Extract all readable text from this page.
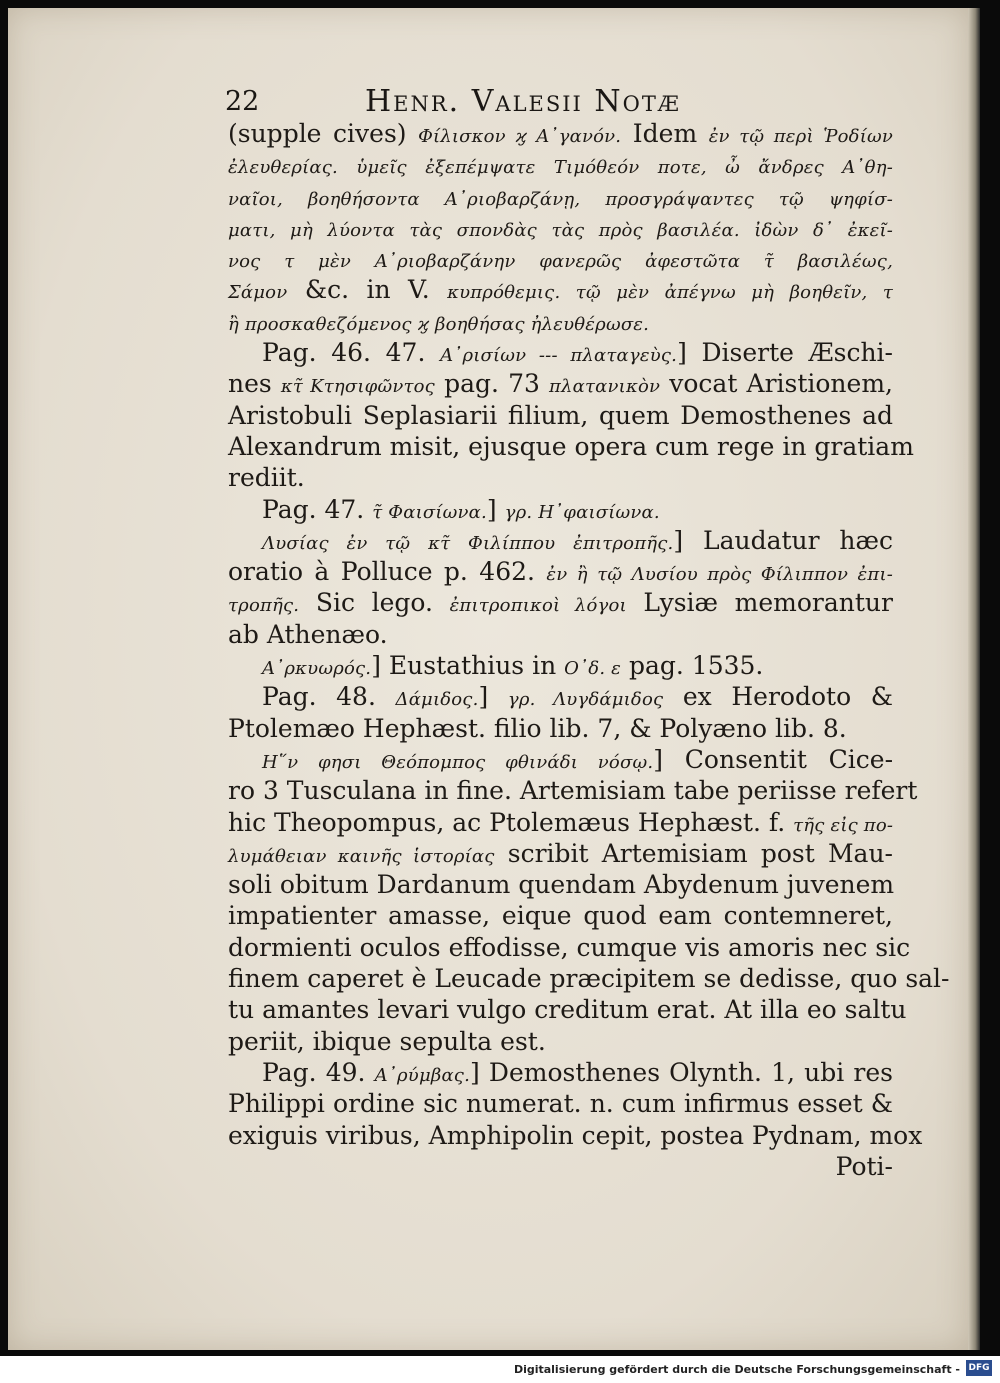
22	Henr. Valesii Notæ
(supple cives) Φίλισκον ϗ Α᾽γανόν. Idem ἐν τῷ περὶ Ῥοδίων
ἐλευθερίας. ὑμεῖς ἐξεπέμψατε Τιμόθεόν ποτε, ὦ ἄνδρες Α᾽θη-
ναῖοι, βοηθήσοντα Α᾽ριοβαρζάνῃ, προσγράψαντες τῷ ψηφίσ-
ματι, μὴ λύοντα τὰς σπονδὰς τὰς πρὸς βασιλέα. ἰδὼν δ᾽ ἐκεῖ-
νος τ μὲν Α᾽ριοβαρζάνην φανερῶς ἀφεστῶτα τ̃ βασιλέως,
Σάμον &c. in V. κυπρόθεμις. τῷ μὲν ἀπέγνω μὴ βοηθεῖν, τ
ἢ προσκαθεζόμενος ϗ βοηθήσας ἠλευθέρωσε.
Pag. 46. 47. Α᾽ρισίων --- πλαταγεὺς.] Diserte Æschi-
nes κτ̃ Κτησιφῶντος pag. 73 πλατανικὸν vocat Aristionem,
Aristobuli Seplasiarii filium, quem Demosthenes ad
Alexandrum misit, ejusque opera cum rege in gratiam
rediit.
Pag. 47. τ̃ Φαισίωνα.] γρ. Η᾽φαισίωνα.
Λυσίας ἐν τῷ κτ̃ Φιλίππου ἐπιτροπῆς.] Laudatur hæc
oratio à Polluce p. 462. ἐν ἢ τῷ Λυσίου πρὸς Φίλιππον ἐπι-
τροπῆς. Sic lego. ἐπιτροπικοὶ λόγοι Lysiæ memorantur
ab Athenæo.
Α᾽ρκυωρός.] Eustathius in Ο᾽δ. ε pag. 1535.
Pag. 48. Δάμιδος.] γρ. Λυγδάμιδος ex Herodoto &
Ptolemæo Hephæst. filio lib. 7, & Polyæno lib. 8.
Η῞ν φησι Θεόπομπος φθινάδι νόσῳ.] Consentit Cice-
ro 3 Tusculana in fine. Artemisiam tabe periisse refert
hic Theopompus, ac Ptolemæus Hephæst. f. τῆς εἰς πο-
λυμάθειαν καινῆς ἱστορίας scribit Artemisiam post Mau-
soli obitum Dardanum quendam Abydenum juvenem
impatienter amasse, eique quod eam contemneret,
dormienti oculos effodisse, cumque vis amoris nec sic
finem caperet è Leucade præcipitem se dedisse, quo sal-
tu amantes levari vulgo creditum erat. At illa eo saltu
periit, ibique sepulta est.
Pag. 49. Α᾽ρύμβας.] Demosthenes Olynth. 1, ubi res
Philippi ordine sic numerat. n. cum infirmus esset &
exiguis viribus, Amphipolin cepit, postea Pydnam, mox
Poti-
Digitalisierung gefördert durch die Deutsche Forschungsgemeinschaft - DFG
